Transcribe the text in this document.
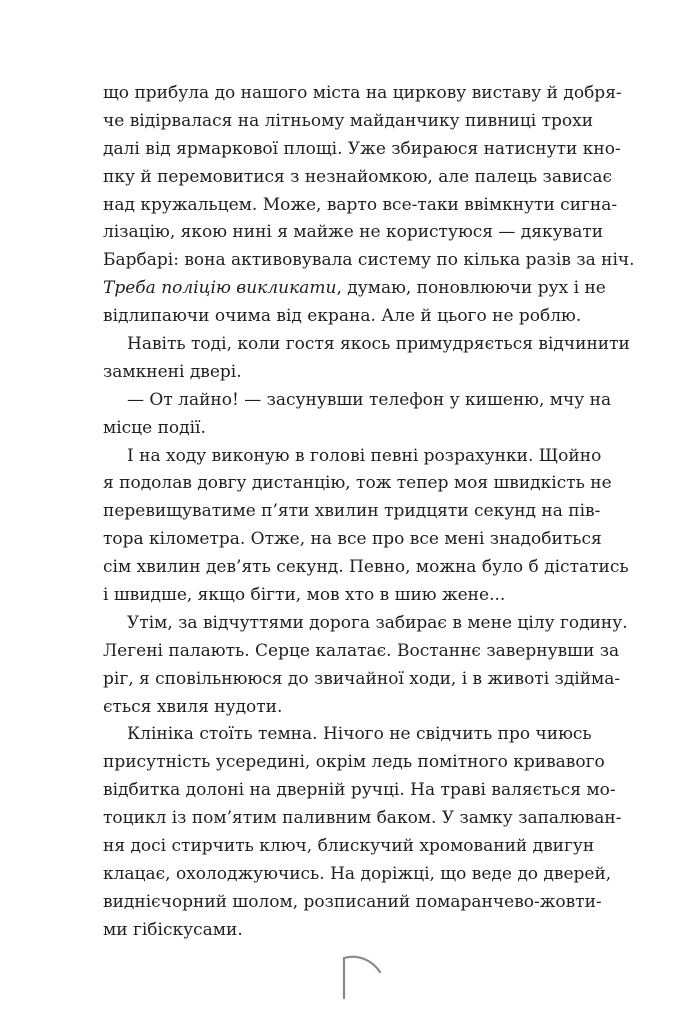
що прибула до нашого міста на циркову виставу й добря-
че відірвалася на літньому майданчику пивниці трохи
далі від ярмаркової площі. Уже збираюся натиснути кно-
пку й перемовитися з незнайомкою, але палець зависає
над кружальцем. Може, варто все-таки ввімкнути сигна-
лізацію, якою нині я майже не користуюся — дякувати
Барбарі: вона активовувала систему по кілька разів за ніч.
Треба поліцію викликати, думаю, поновлюючи рух і не
відлипаючи очима від екрана. Але й цього не роблю.
Навіть тоді, коли гостя якось примудряється відчинити
замкнені двері.
— От лайно! — засунувши телефон у кишеню, мчу на
місце події.
І на ходу виконую в голові певні розрахунки. Щойно
я подолав довгу дистанцію, тож тепер моя швидкість не
перевищуватиме п’яти хвилин тридцяти секунд на пів-
тора кілометра. Отже, на все про все мені знадобиться
сім хвилин дев’ять секунд. Певно, можна було б дістатись
і швидше, якщо бігти, мов хто в шию жене...
Утім, за відчуттями дорога забирає в мене цілу годину.
Легені палають. Серце калатає. Востаннє завернувши за
ріг, я сповільнююся до звичайної ходи, і в животі здійма-
ється хвиля нудоти.
Клініка стоїть темна. Нічого не свідчить про чиюсь
присутність усередині, окрім ледь помітного кривавого
відбитка долоні на дверній ручці. На траві валяється мо-
тоцикл із пом’ятим паливним баком. У замку запалюван-
ня досі стирчить ключ, блискучий хромований двигун
клацає, охолоджуючись. На доріжці, що веде до дверей,
виднієчорний шолом, розписаний помаранчево-жовти-
ми гібіскусами.
